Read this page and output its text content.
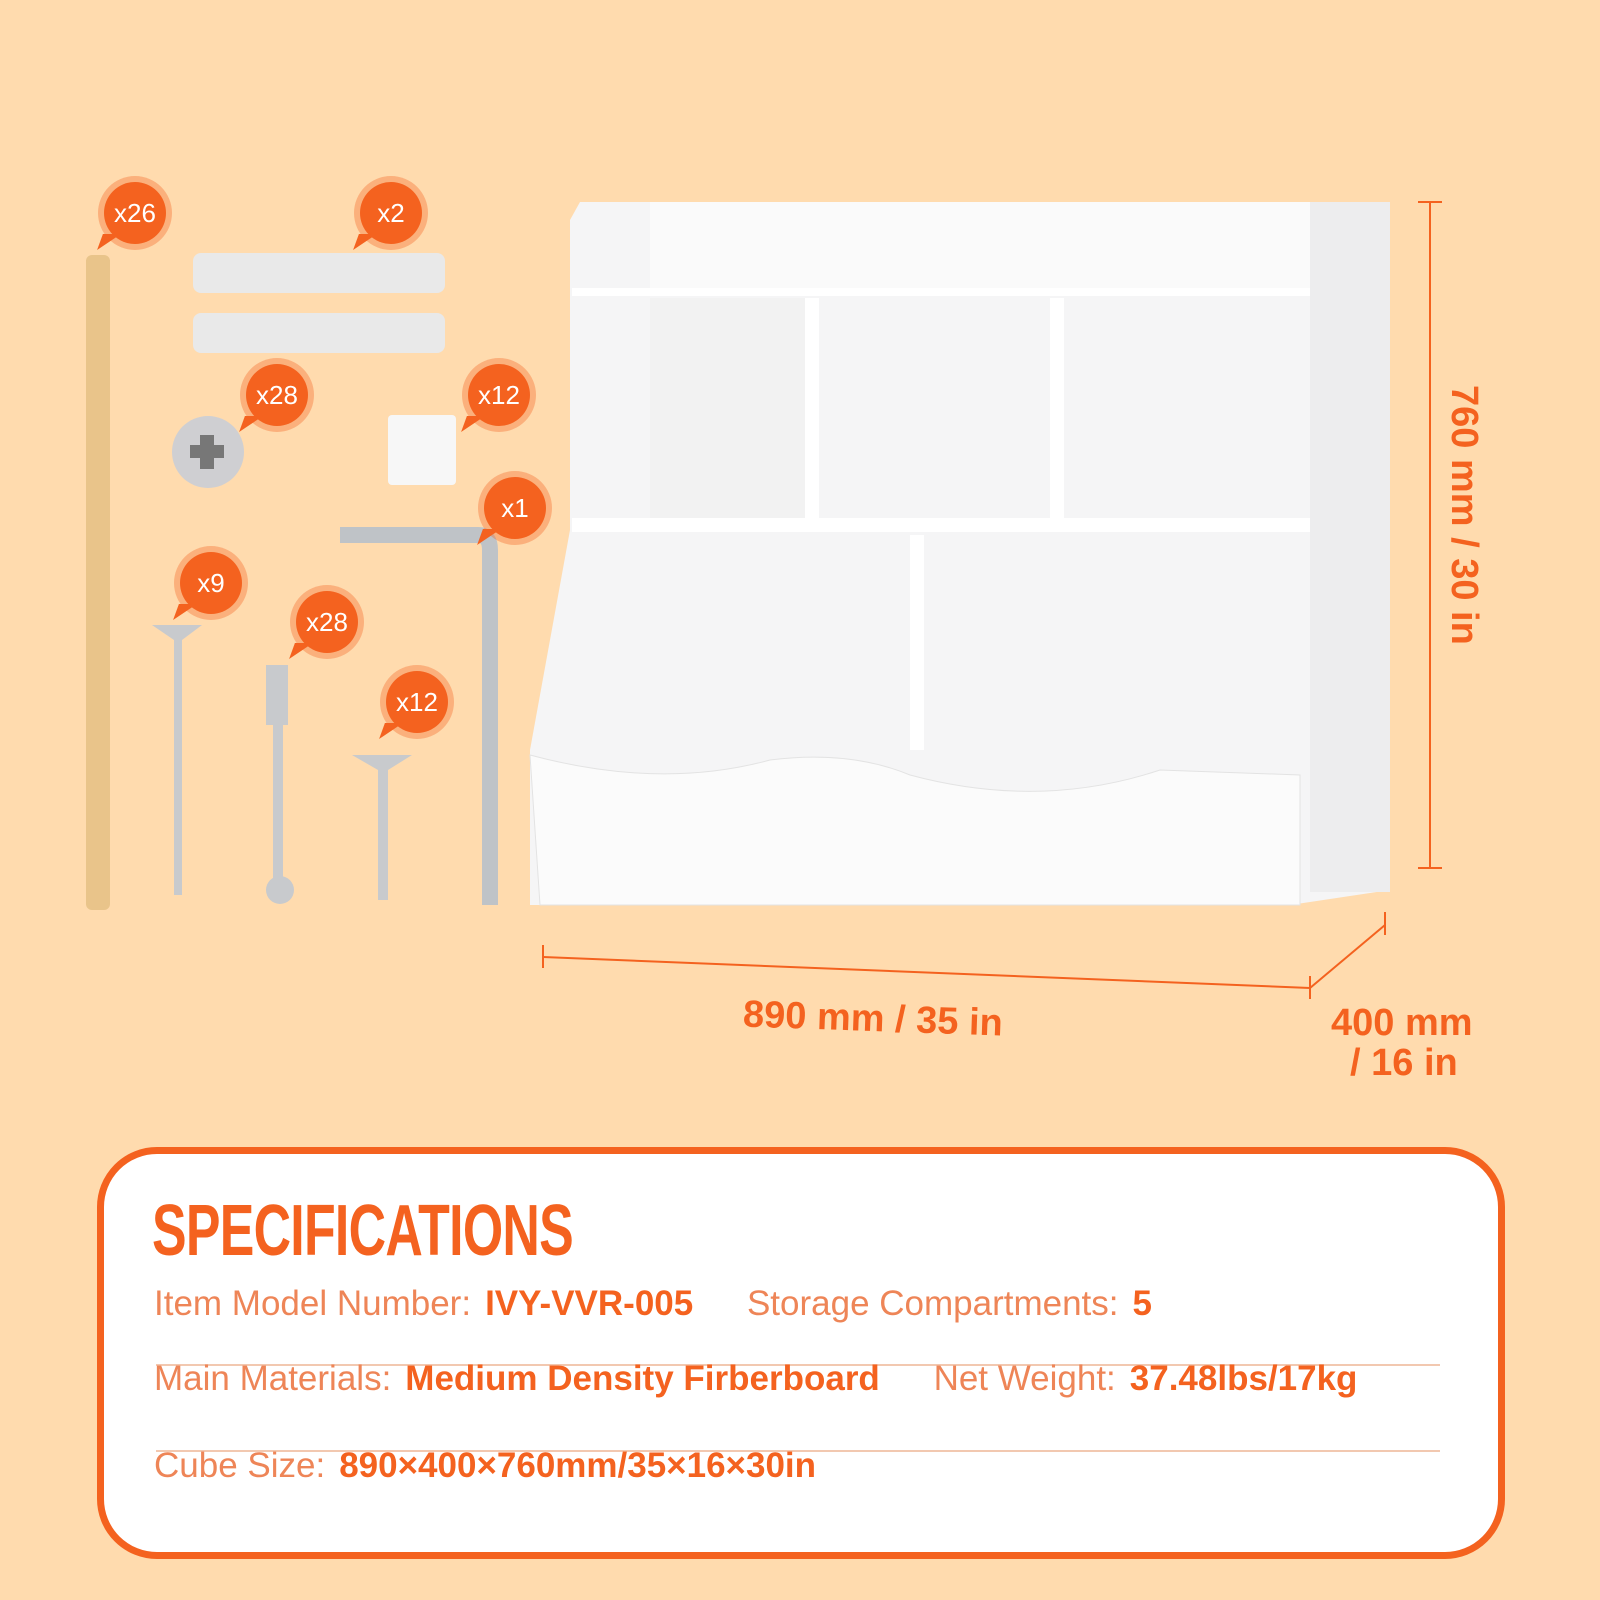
x26	x2
x28	x12
x1
x9
x28
x12
760 mm / 30 in
890 mm / 35 in	400 mm
/ 16 in
SPECIFICATIONS
Item Model Number: IVY-VVR-005 Storage Compartments: 5
Main Materials: Medium Density Firberboard Net Weight: 37.48lbs/17kg
Cube Size: 890×400×760mm/35×16×30in
